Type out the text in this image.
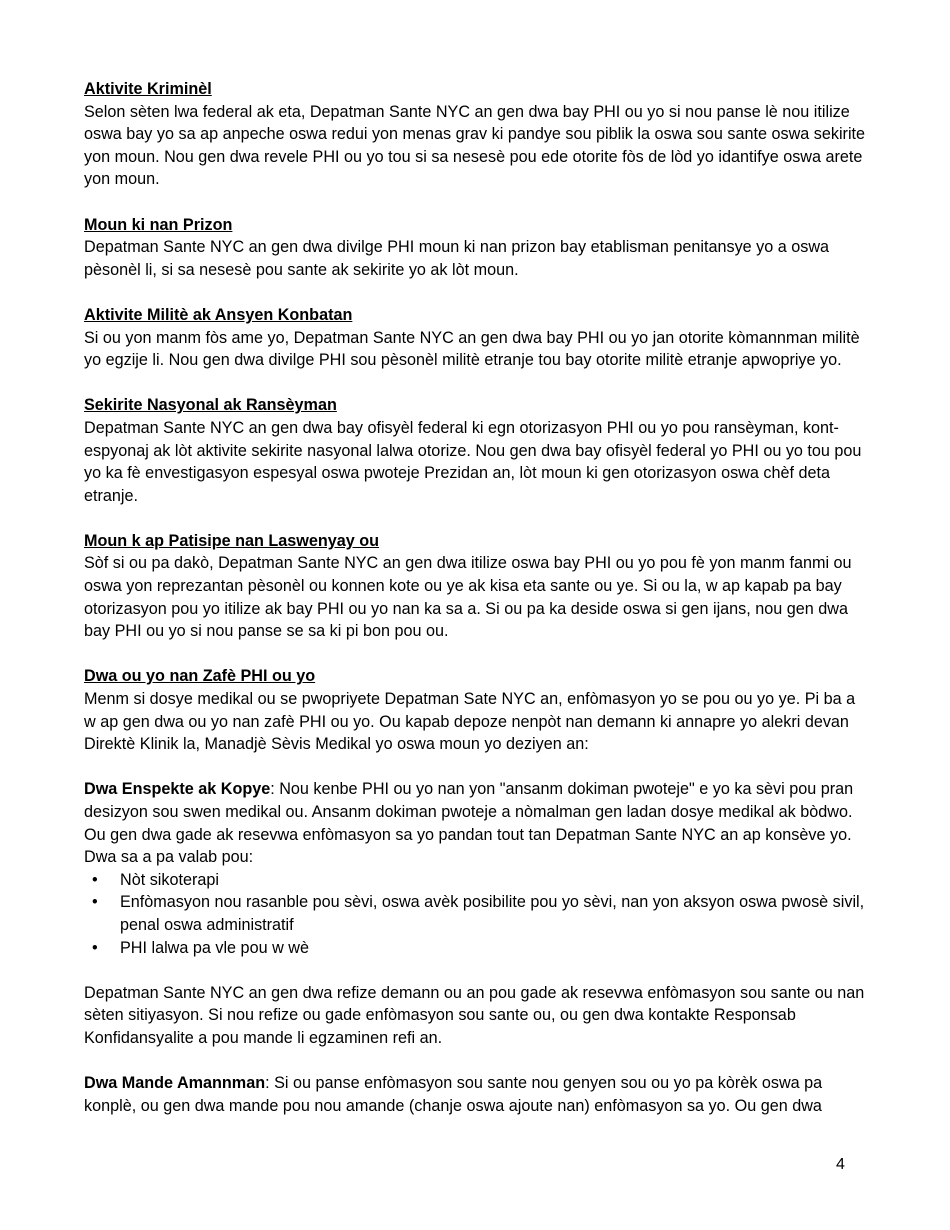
Aktivite Kriminèl

Selon sèten lwa federal ak eta, Depatman Sante NYC an gen dwa bay PHI ou yo si nou panse lè nou itilize oswa bay yo sa ap anpeche oswa redui yon menas grav ki pandye sou piblik la oswa sou sante oswa sekirite yon moun. Nou gen dwa revele PHI ou yo tou si sa nesesè pou ede otorite fòs de lòd yo idantifye oswa arete yon moun.

Moun ki nan Prizon

Depatman Sante NYC an gen dwa divilge PHI moun ki nan prizon bay etablisman penitansye yo a oswa pèsonèl li, si sa nesesè pou sante ak sekirite yo ak lòt moun.

Aktivite Militè ak Ansyen Konbatan

Si ou yon manm fòs ame yo, Depatman Sante NYC an gen dwa bay PHI ou yo jan otorite kòmannman militè yo egzije li. Nou gen dwa divilge PHI sou pèsonèl militè etranje tou bay otorite militè etranje apwopriye yo.

Sekirite Nasyonal ak Ransèyman

Depatman Sante NYC an gen dwa bay ofisyèl federal ki egn otorizasyon PHI ou yo pou ransèyman, kont-espyonaj ak lòt aktivite sekirite nasyonal lalwa otorize. Nou gen dwa bay ofisyèl federal yo PHI ou yo tou pou yo ka fè envestigasyon espesyal oswa pwoteje Prezidan an, lòt moun ki gen otorizasyon oswa chèf deta etranje.

Moun k ap Patisipe nan Laswenyay ou

Sòf si ou pa dakò, Depatman Sante NYC an gen dwa itilize oswa bay PHI ou yo pou fè yon manm fanmi ou oswa yon reprezantan pèsonèl ou konnen kote ou ye ak kisa eta sante ou ye. Si ou la, w ap kapab pa bay otorizasyon pou yo itilize ak bay PHI ou yo nan ka sa a. Si ou pa ka deside oswa si gen ijans, nou gen dwa bay PHI ou yo si nou panse se sa ki pi bon pou ou.

Dwa ou yo nan Zafè PHI ou yo

Menm si dosye medikal ou se pwopriyete Depatman Sate NYC an, enfòmasyon yo se pou ou yo ye. Pi ba a w ap gen dwa ou yo nan zafè PHI ou yo. Ou kapab depoze nenpòt nan demann ki annapre yo alekri devan Direktè Klinik la, Manadjè Sèvis Medikal yo oswa moun yo deziyen an:

Dwa Enspekte ak Kopye: Nou kenbe PHI ou yo nan yon "ansanm dokiman pwoteje" e yo ka sèvi pou pran desizyon sou swen medikal ou. Ansanm dokiman pwoteje a nòmalman gen ladan dosye medikal ak bòdwo. Ou gen dwa gade ak resevwa enfòmasyon sa yo pandan tout tan Depatman Sante NYC an ap konsève yo. Dwa sa a pa valab pou:

• Nòt sikoterapi
• Enfòmasyon nou rasanble pou sèvi, oswa avèk posibilite pou yo sèvi, nan yon aksyon oswa pwosè sivil, penal oswa administratif
• PHI lalwa pa vle pou w wè

Depatman Sante NYC an gen dwa refize demann ou an pou gade ak resevwa enfòmasyon sou sante ou nan sèten sitiyasyon. Si nou refize ou gade enfòmasyon sou sante ou, ou gen dwa kontakte Responsab Konfidansyalite a pou mande li egzaminen refi an.

Dwa Mande Amannman: Si ou panse enfòmasyon sou sante nou genyen sou ou yo pa kòrèk oswa pa konplè, ou gen dwa mande pou nou amande (chanje oswa ajoute nan) enfòmasyon sa yo. Ou gen dwa

4
